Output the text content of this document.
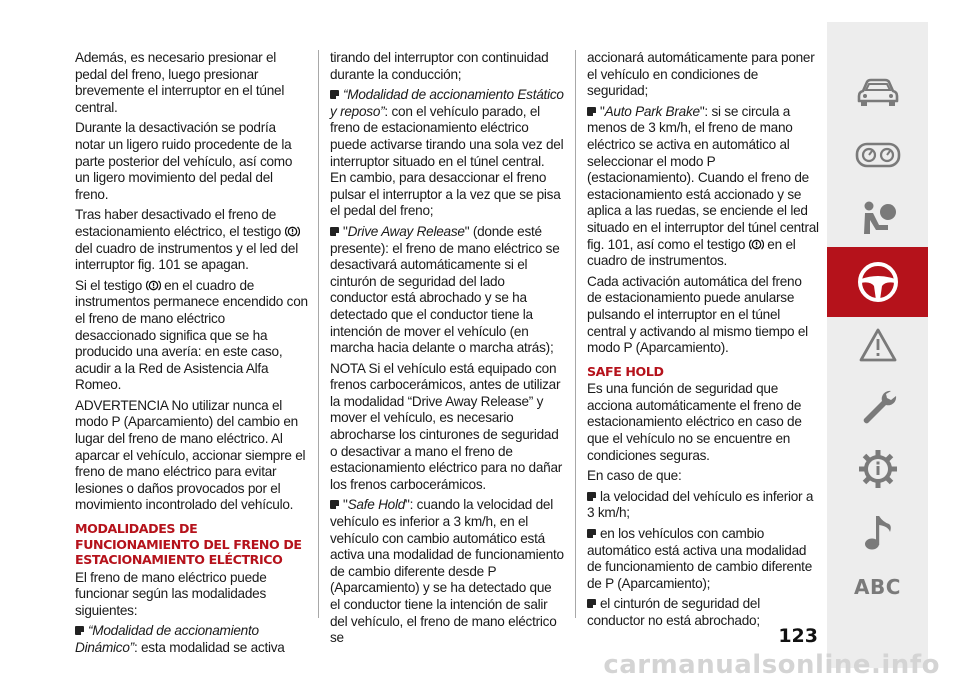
Además, es necesario presionar el pedal del freno, luego presionar brevemente el interruptor en el túnel central.

Durante la desactivación se podría notar un ligero ruido procedente de la parte posterior del vehículo, así como un ligero movimiento del pedal del freno.

Tras haber desactivado el freno de estacionamiento eléctrico, el testigo
del cuadro de instrumentos y el led del interruptor fig. 101 se apagan.

Si el testigo en el cuadro de instrumentos permanece encendido con el freno de mano eléctrico desaccionado significa que se ha producido una avería: en este caso, acudir a la Red de Asistencia Alfa Romeo.

ADVERTENCIA No utilizar nunca el modo P (Aparcamiento) del cambio en lugar del freno de mano eléctrico. Al aparcar el vehículo, accionar siempre el freno de mano eléctrico para evitar lesiones o daños provocados por el movimiento incontrolado del vehículo.

MODALIDADES DE FUNCIONAMIENTO DEL FRENO DE ESTACIONAMIENTO ELÉCTRICO

El freno de mano eléctrico puede funcionar según las modalidades siguientes:

“Modalidad de accionamiento Dinámico”: esta modalidad se activa

tirando del interruptor con continuidad durante la conducción;

“Modalidad de accionamiento Estático y reposo”: con el vehículo parado, el freno de estacionamiento eléctrico puede activarse tirando una sola vez del interruptor situado en el túnel central. En cambio, para desaccionar el freno pulsar el interruptor a la vez que se pisa el pedal del freno;

"Drive Away Release" (donde esté presente): el freno de mano eléctrico se desactivará automáticamente si el cinturón de seguridad del lado conductor está abrochado y se ha detectado que el conductor tiene la intención de mover el vehículo (en marcha hacia delante o marcha atrás);

NOTA Si el vehículo está equipado con frenos carbocerámicos, antes de utilizar la modalidad “Drive Away Release” y mover el vehículo, es necesario abrocharse los cinturones de seguridad o desactivar a mano el freno de estacionamiento eléctrico para no dañar los frenos carbocerámicos.

"Safe Hold": cuando la velocidad del vehículo es inferior a 3 km/h, en el vehículo con cambio automático está activa una modalidad de funcionamiento de cambio diferente desde P (Aparcamiento) y se ha detectado que el conductor tiene la intención de salir del vehículo, el freno de mano eléctrico se

accionará automáticamente para poner el vehículo en condiciones de seguridad;

"Auto Park Brake": si se circula a menos de 3 km/h, el freno de mano eléctrico se activa en automático al seleccionar el modo P (estacionamiento). Cuando el freno de estacionamiento está accionado y se aplica a las ruedas, se enciende el led situado en el interruptor del túnel central fig. 101, así como el testigo en el cuadro de instrumentos.

Cada activación automática del freno de estacionamiento puede anularse pulsando el interruptor en el túnel central y activando al mismo tiempo el modo P (Aparcamiento).

SAFE HOLD

Es una función de seguridad que acciona automáticamente el freno de estacionamiento eléctrico en caso de que el vehículo no se encuentre en condiciones seguras.

En caso de que:

la velocidad del vehículo es inferior a 3 km/h;

en los vehículos con cambio automático está activa una modalidad de funcionamiento de cambio diferente de P (Aparcamiento);

el cinturón de seguridad del conductor no está abrochado;

123
ABC
carmanualsonline.info
